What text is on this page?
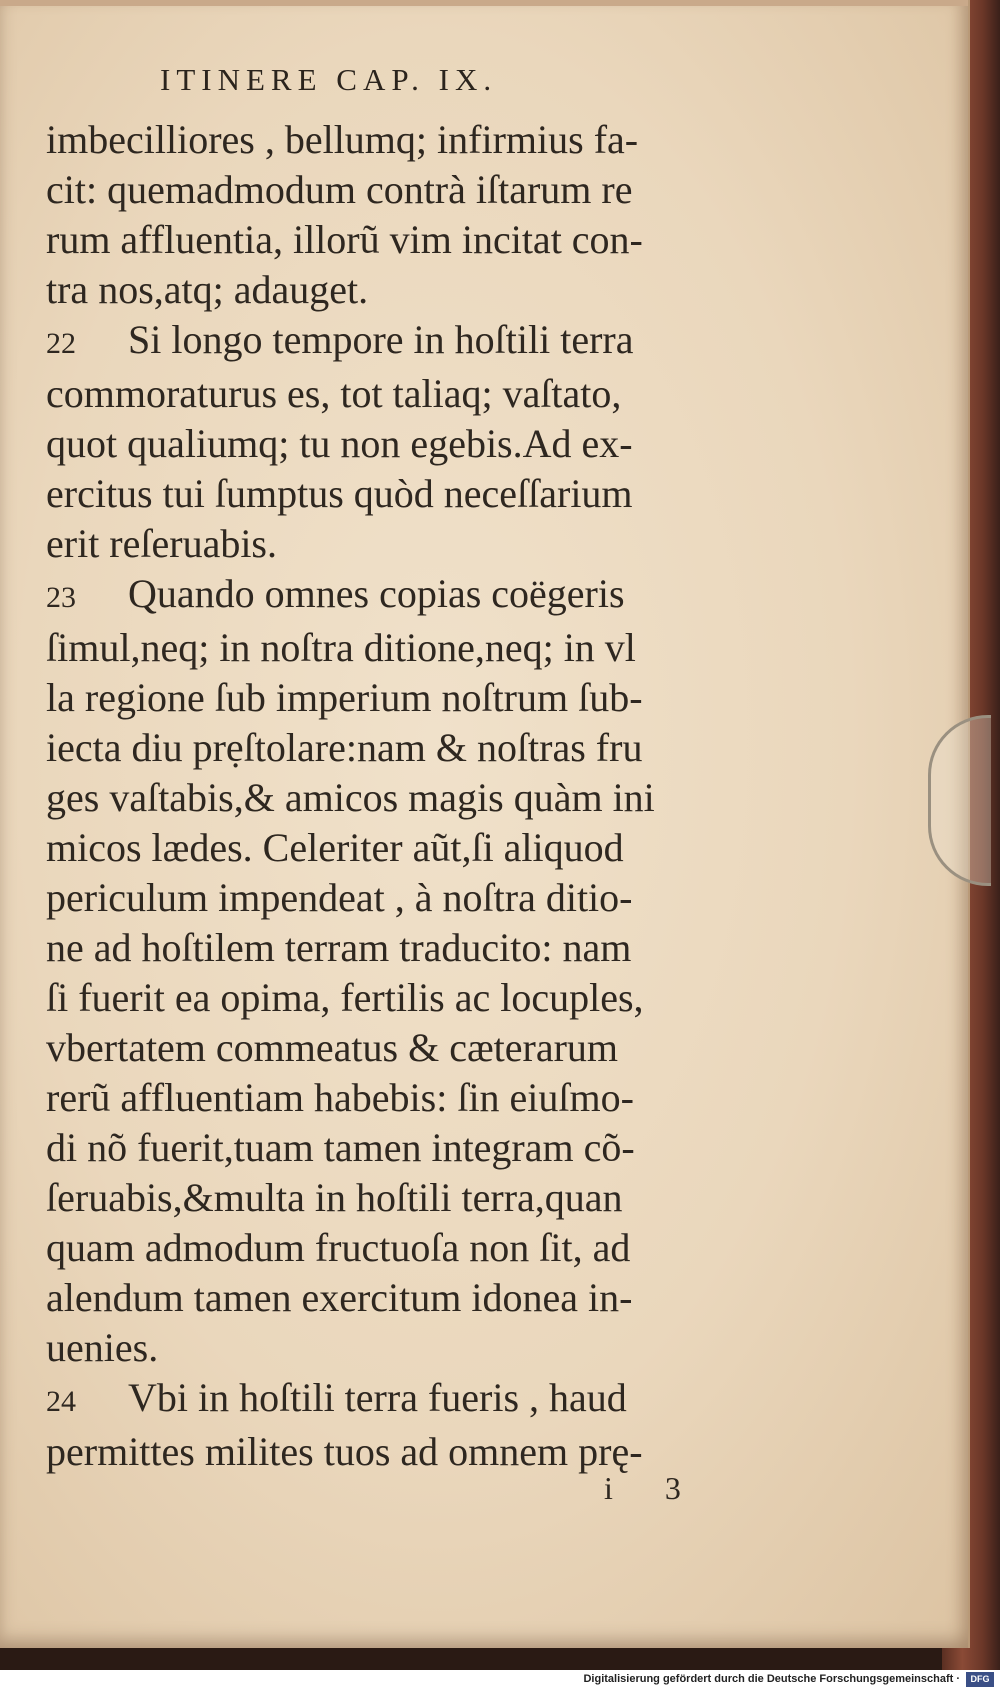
ITINERE CAP. IX.
imbecilliores , bellumq; infirmius fa-
cit: quemadmodum contrà iſtarum re
rum affluentia, illorũ vim incitat con-
tra nos,atq; adauget.
22 Si longo tempore in hoſtili terra
commoraturus es, tot taliaq; vaſtato,
quot qualiumq; tu non egebis.Ad ex-
ercitus tui ſumptus quòd neceſſarium
erit reſeruabis.
23 Quando omnes copias coëgeris
ſimul,neq; in noſtra ditione,neq; in vl
la regione ſub imperium noſtrum ſub-
iecta diu prẹſtolare:nam & noſtras fru
ges vaſtabis,& amicos magis quàm ini
micos lædes. Celeriter aũt,ſi aliquod
periculum impendeat , à noſtra ditio-
ne ad hoſtilem terram traducito: nam
ſi fuerit ea opima, fertilis ac locuples,
vbertatem commeatus & cæterarum
rerũ affluentiam habebis: ſin eiuſmo-
di nõ fuerit,tuam tamen integram cõ-
ſeruabis,&multa in hoſtili terra,quan
quam admodum fructuoſa non ſit, ad
alendum tamen exercitum idonea in-
uenies.
24 Vbi in hoſtili terra fueris , haud
permittes milites tuos ad omnem prę-
i 3
Digitalisierung gefördert durch die Deutsche Forschungsgemeinschaft ·	DFG
